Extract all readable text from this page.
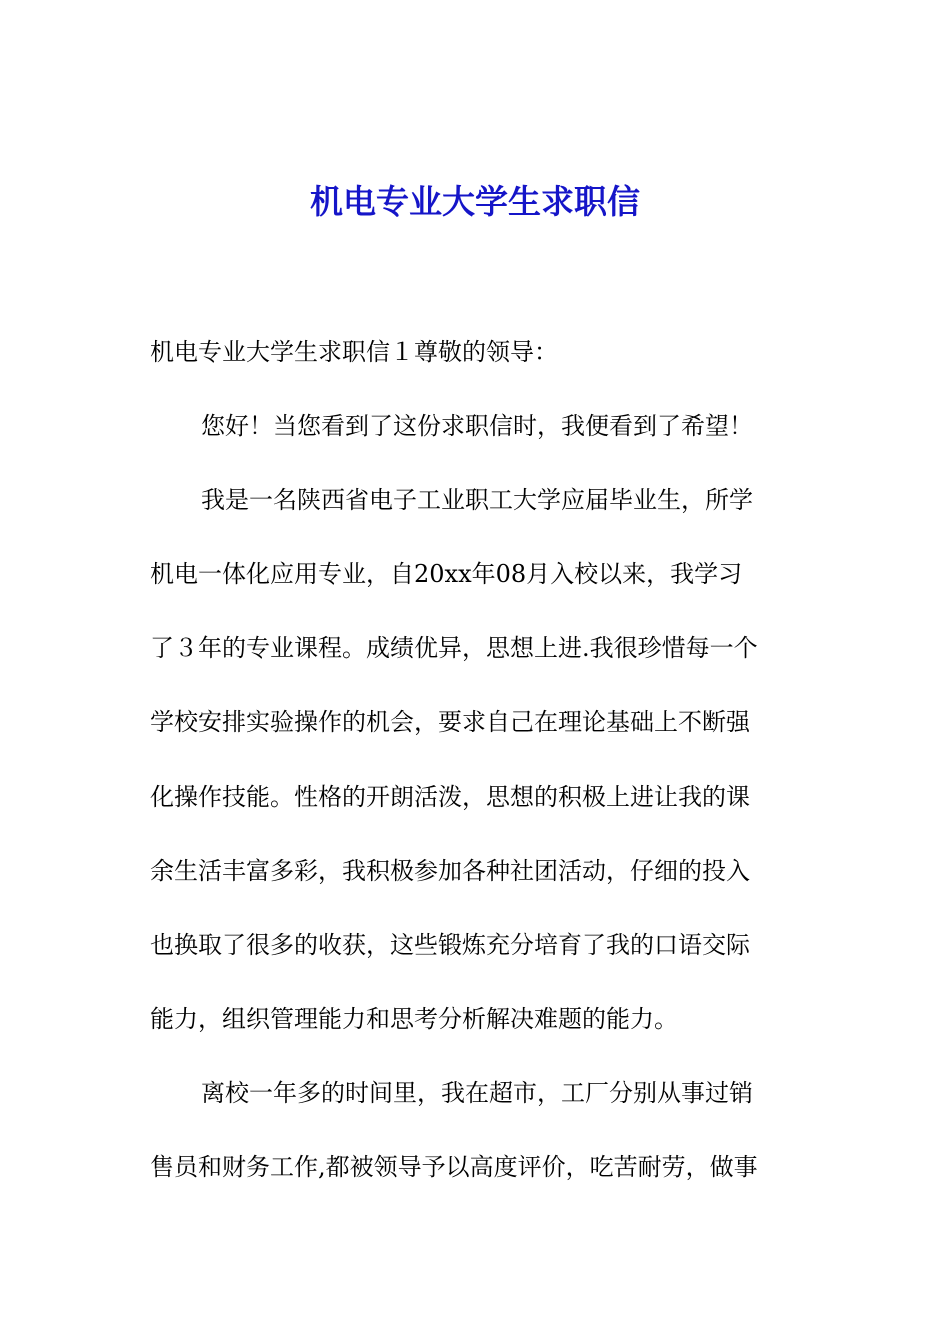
机电专业大学生求职信

机电专业大学生求职信１尊敬的领导：

您好！当您看到了这份求职信时，我便看到了希望！

我是一名陕西省电子工业职工大学应届毕业生，所学

机电一体化应用专业，自20xx年08月入校以来，我学习

了３年的专业课程。成绩优异，思想上进.我很珍惜每一个

学校安排实验操作的机会，要求自己在理论基础上不断强

化操作技能。性格的开朗活泼，思想的积极上进让我的课

余生活丰富多彩，我积极参加各种社团活动，仔细的投入

也换取了很多的收获，这些锻炼充分培育了我的口语交际

能力，组织管理能力和思考分析解决难题的能力。

离校一年多的时间里，我在超市，工厂分别从事过销

售员和财务工作,都被领导予以高度评价，吃苦耐劳，做事
